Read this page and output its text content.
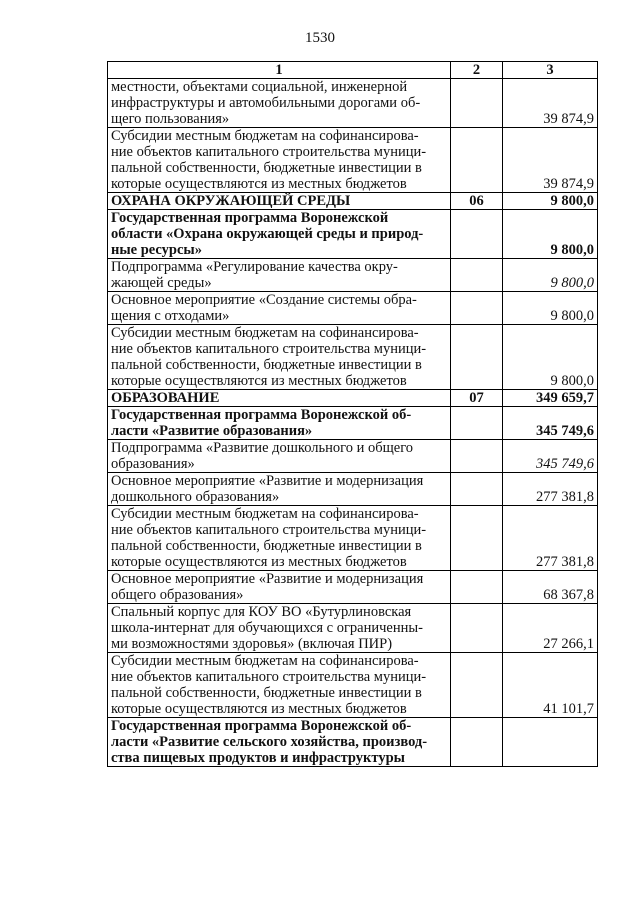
1530
1	2	3

местности, объектами социальной, инженерной
инфраструктуры и автомобильными дорогами об-
щего пользования»		39 874,9

Субсидии местным бюджетам на софинансирова-
ние объектов капитального строительства муници-
пальной собственности, бюджетные инвестиции в
которые осуществляются из местных бюджетов		39 874,9

ОХРАНА ОКРУЖАЮЩЕЙ СРЕДЫ	06	9 800,0

Государственная программа Воронежской
области «Охрана окружающей среды и природ-
ные ресурсы»		9 800,0

Подпрограмма «Регулирование качества окру-
жающей среды»		9 800,0

Основное мероприятие «Создание системы обра-
щения с отходами»		9 800,0

Субсидии местным бюджетам на софинансирова-
ние объектов капитального строительства муници-
пальной собственности, бюджетные инвестиции в
которые осуществляются из местных бюджетов		9 800,0

ОБРАЗОВАНИЕ	07	349 659,7

Государственная программа Воронежской об-
ласти «Развитие образования»		345 749,6

Подпрограмма «Развитие дошкольного и общего
образования»		345 749,6

Основное мероприятие «Развитие и модернизация
дошкольного образования»		277 381,8

Субсидии местным бюджетам на софинансирова-
ние объектов капитального строительства муници-
пальной собственности, бюджетные инвестиции в
которые осуществляются из местных бюджетов		277 381,8

Основное мероприятие «Развитие и модернизация
общего образования»		68 367,8

Спальный корпус для КОУ ВО «Бутурлиновская
школа-интернат для обучающихся с ограниченны-
ми возможностями здоровья» (включая ПИР)		27 266,1

Субсидии местным бюджетам на софинансирова-
ние объектов капитального строительства муници-
пальной собственности, бюджетные инвестиции в
которые осуществляются из местных бюджетов		41 101,7

Государственная программа Воронежской об-
ласти «Развитие сельского хозяйства, производ-
ства пищевых продуктов и инфраструктуры		
